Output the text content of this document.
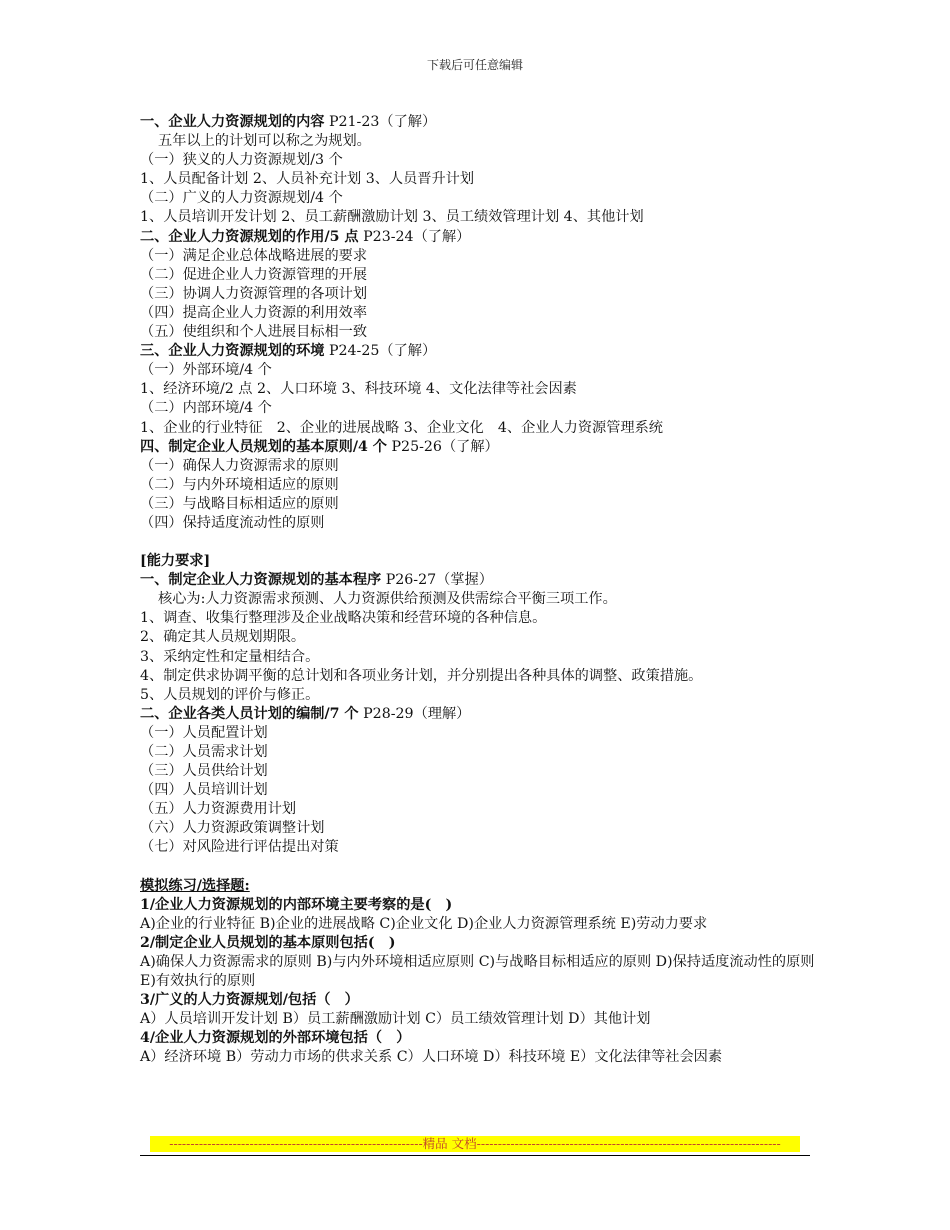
下载后可任意编辑
一、企业人力资源规划的内容 P21-23（了解）
五年以上的计划可以称之为规划。
（一）狭义的人力资源规划/3 个
1、人员配备计划 2、人员补充计划 3、人员晋升计划
（二）广义的人力资源规划/4 个
1、人员培训开发计划 2、员工薪酬激励计划 3、员工绩效管理计划 4、其他计划
二、企业人力资源规划的作用/5 点 P23-24（了解）
（一）满足企业总体战略进展的要求
（二）促进企业人力资源管理的开展
（三）协调人力资源管理的各项计划
（四）提高企业人力资源的利用效率
（五）使组织和个人进展目标相一致
三、企业人力资源规划的环境 P24-25（了解）
（一）外部环境/4 个
1、经济环境/2 点 2、人口环境 3、科技环境 4、文化法律等社会因素
（二）内部环境/4 个
1、企业的行业特征　2、企业的进展战略 3、企业文化　4、企业人力资源管理系统
四、制定企业人员规划的基本原则/4 个 P25-26（了解）
（一）确保人力资源需求的原则
（二）与内外环境相适应的原则
（三）与战略目标相适应的原则
（四）保持适度流动性的原则
[能力要求]
一、制定企业人力资源规划的基本程序 P26-27（掌握）
核心为:人力资源需求预测、人力资源供给预测及供需综合平衡三项工作。
1、调查、收集行整理涉及企业战略决策和经营环境的各种信息。
2、确定其人员规划期限。
3、采纳定性和定量相结合。
4、制定供求协调平衡的总计划和各项业务计划，并分别提出各种具体的调整、政策措施。
5、人员规划的评价与修正。
二、企业各类人员计划的编制/7 个 P28-29（理解）
（一）人员配置计划
（二）人员需求计划
（三）人员供给计划
（四）人员培训计划
（五）人力资源费用计划
（六）人力资源政策调整计划
（七）对风险进行评估提出对策
模拟练习/选择题:
1/企业人力资源规划的内部环境主要考察的是(　)
A)企业的行业特征 B)企业的进展战略 C)企业文化 D)企业人力资源管理系统 E)劳动力要求
2/制定企业人员规划的基本原则包括(　)
A)确保人力资源需求的原则 B)与内外环境相适应原则 C)与战略目标相适应的原则 D)保持适度流动性的原则 E)有效执行的原则
3/广义的人力资源规划/包括（　）
A）人员培训开发计划 B）员工薪酬激励计划 C）员工绩效管理计划 D）其他计划
4/企业人力资源规划的外部环境包括（　）
A）经济环境 B）劳动力市场的供求关系 C）人口环境 D）科技环境 E）文化法律等社会因素
------------------------------------------------------------精品 文档------------------------------------------------------------------------
